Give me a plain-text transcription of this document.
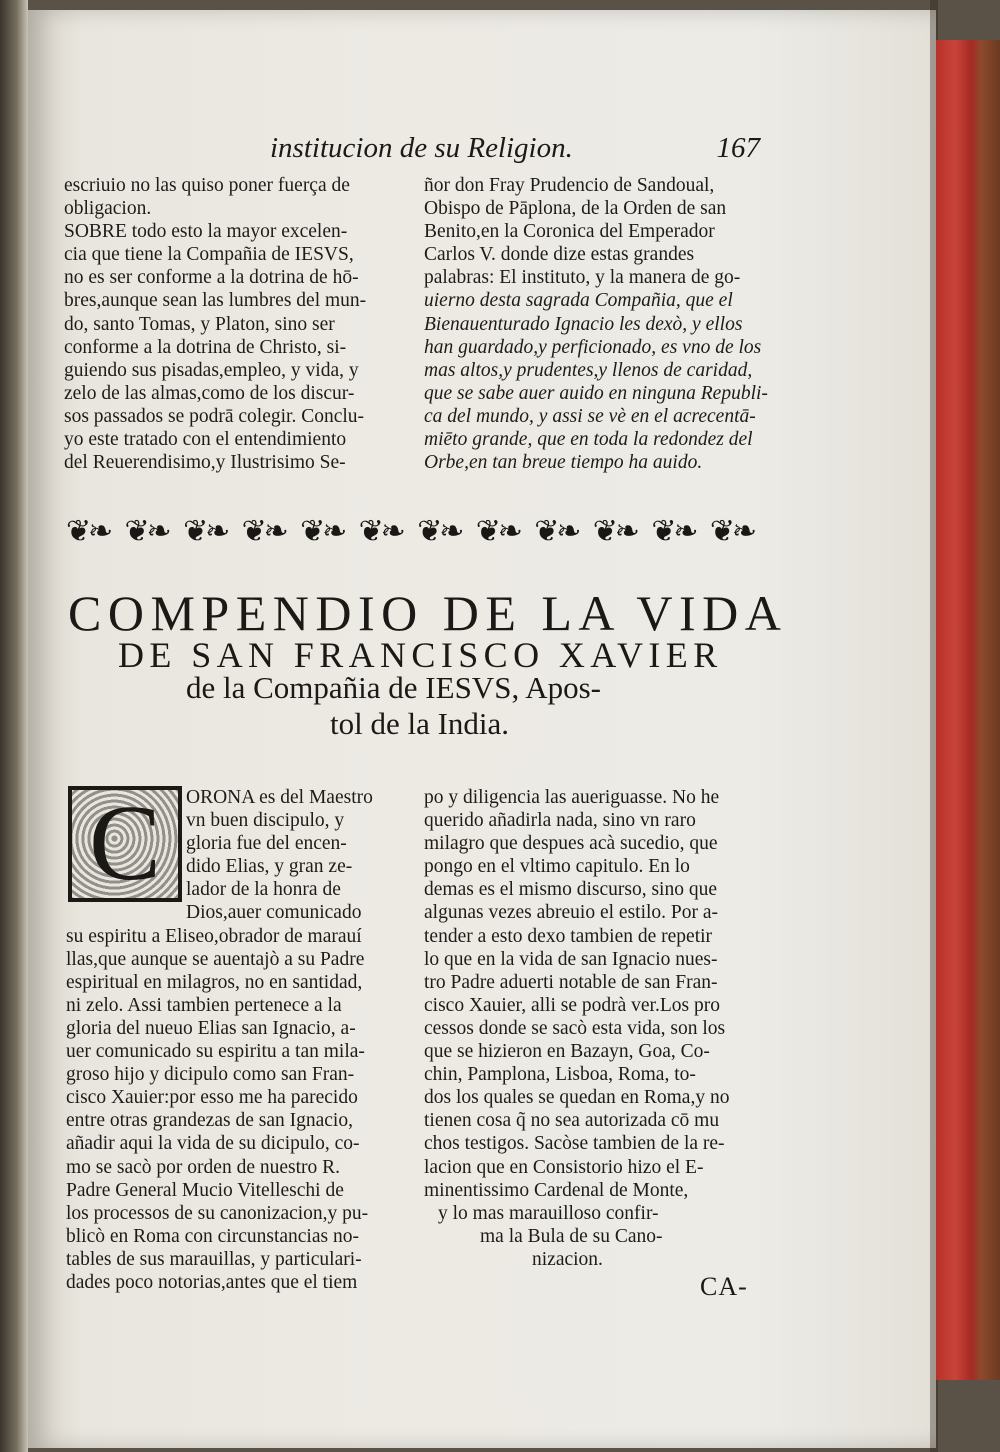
institucion de su Religion.	167
escriuio no las quiso poner fuerça de
obligacion.
SOBRE todo esto la mayor excelen-
cia que tiene la Compañia de IESVS,
no es ser conforme a la dotrina de hō-
bres,aunque sean las lumbres del mun-
do, santo Tomas, y Platon, sino ser
conforme a la dotrina de Christo, si-
guiendo sus pisadas,empleo, y vida, y
zelo de las almas,como de los discur-
sos passados se podrā colegir. Conclu-
yo este tratado con el entendimiento
del Reuerendisimo,y Ilustrisimo Se-
ñor don Fray Prudencio de Sandoual,
Obispo de Pāplona, de la Orden de san
Benito,en la Coronica del Emperador
Carlos V. donde dize estas grandes
palabras: El instituto, y la manera de go-
uierno desta sagrada Compañia, que el
Bienauenturado Ignacio les dexò, y ellos
han guardado,y perficionado, es vno de los
mas altos,y prudentes,y llenos de caridad,
que se sabe auer auido en ninguna Republi-
ca del mundo, y assi se vè en el acrecentā-
miēto grande, que en toda la redondez del
Orbe,en tan breue tiempo ha auido.
❦ ❧
❦ ❧
❦ ❧
❦ ❧
❦ ❧
❦ ❧
❦ ❧
❦ ❧
❦ ❧
❦ ❧
❦ ❧
❦ ❧
COMPENDIO DE LA VIDA
DE SAN FRANCISCO XAVIER
de la Compañia de IESVS, Apos-
tol de la India.
C	ORONA es del Maestro
vn buen discipulo, y
gloria fue del encen-
dido Elias, y gran ze-
lador de la honra de
Dios,auer comunicado
su espiritu a Eliseo,obrador de marauí
llas,que aunque se auentajò a su Padre
espiritual en milagros, no en santidad,
ni zelo. Assi tambien pertenece a la
gloria del nueuo Elias san Ignacio, a-
uer comunicado su espiritu a tan mila-
groso hijo y dicipulo como san Fran-
cisco Xauier:por esso me ha parecido
entre otras grandezas de san Ignacio,
añadir aqui la vida de su dicipulo, co-
mo se sacò por orden de nuestro R.
Padre General Mucio Vitelleschi de
los processos de su canonizacion,y pu-
blicò en Roma con circunstancias no-
tables de sus marauillas, y particulari-
dades poco notorias,antes que el tiem
po y diligencia las aueriguasse. No he
querido añadirla nada, sino vn raro
milagro que despues acà sucedio, que
pongo en el vltimo capitulo. En lo
demas es el mismo discurso, sino que
algunas vezes abreuio el estilo. Por a-
tender a esto dexo tambien de repetir
lo que en la vida de san Ignacio nues-
tro Padre aduerti notable de san Fran-
cisco Xauier, alli se podrà ver.Los pro
cessos donde se sacò esta vida, son los
que se hizieron en Bazayn, Goa, Co-
chin, Pamplona, Lisboa, Roma, to-
dos los quales se quedan en Roma,y no
tienen cosa q̃ no sea autorizada cō mu
chos testigos. Sacòse tambien de la re-
lacion que en Consistorio hizo el E-
minentissimo Cardenal de Monte,
y lo mas marauilloso confir-
ma la Bula de su Cano-
nizacion.
CA-
